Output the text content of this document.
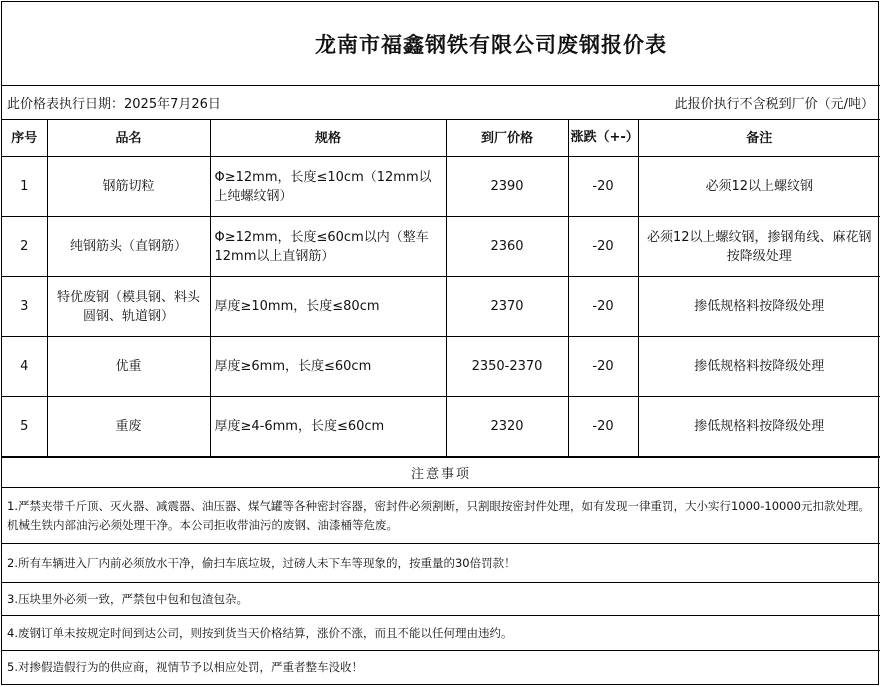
龙南市福鑫钢铁有限公司废钢报价表
此价格表执行日期：2025年7月26日	此报价执行不含税到厂价（元/吨）
序号	品名	规格	到厂价格	涨跌（+-）	备注
1	钢筋切粒	Φ≥12mm，长度≤10cm（12mm以上纯螺纹钢）	2390	-20	必须12以上螺纹钢
2	纯钢筋头（直钢筋）	Φ≥12mm，长度≤60cm以内（整车12mm以上直钢筋）	2360	-20	必须12以上螺纹钢，掺钢角线、麻花钢按降级处理
3	特优废钢（模具钢、料头圆钢、轨道钢）	厚度≥10mm，长度≤80cm	2370	-20	掺低规格料按降级处理
4	优重	厚度≥6mm，长度≤60cm	2350-2370	-20	掺低规格料按降级处理
5	重废	厚度≥4-6mm，长度≤60cm	2320	-20	掺低规格料按降级处理
注意事项
1.严禁夹带千斤顶、灭火器、减震器、油压器、煤气罐等各种密封容器，密封件必须割断，只割眼按密封件处理，如有发现一律重罚，大小实行1000-10000元扣款处理。机械生铁内部油污必须处理干净。本公司拒收带油污的废钢、油漆桶等危废。
2.所有车辆进入厂内前必须放水干净，偷扫车底垃圾，过磅人未下车等现象的，按重量的30倍罚款！
3.压块里外必须一致，严禁包中包和包渣包杂。
4.废钢订单未按规定时间到达公司，则按到货当天价格结算，涨价不涨，而且不能以任何理由违约。
5.对掺假造假行为的供应商，视情节予以相应处罚，严重者整车没收！
